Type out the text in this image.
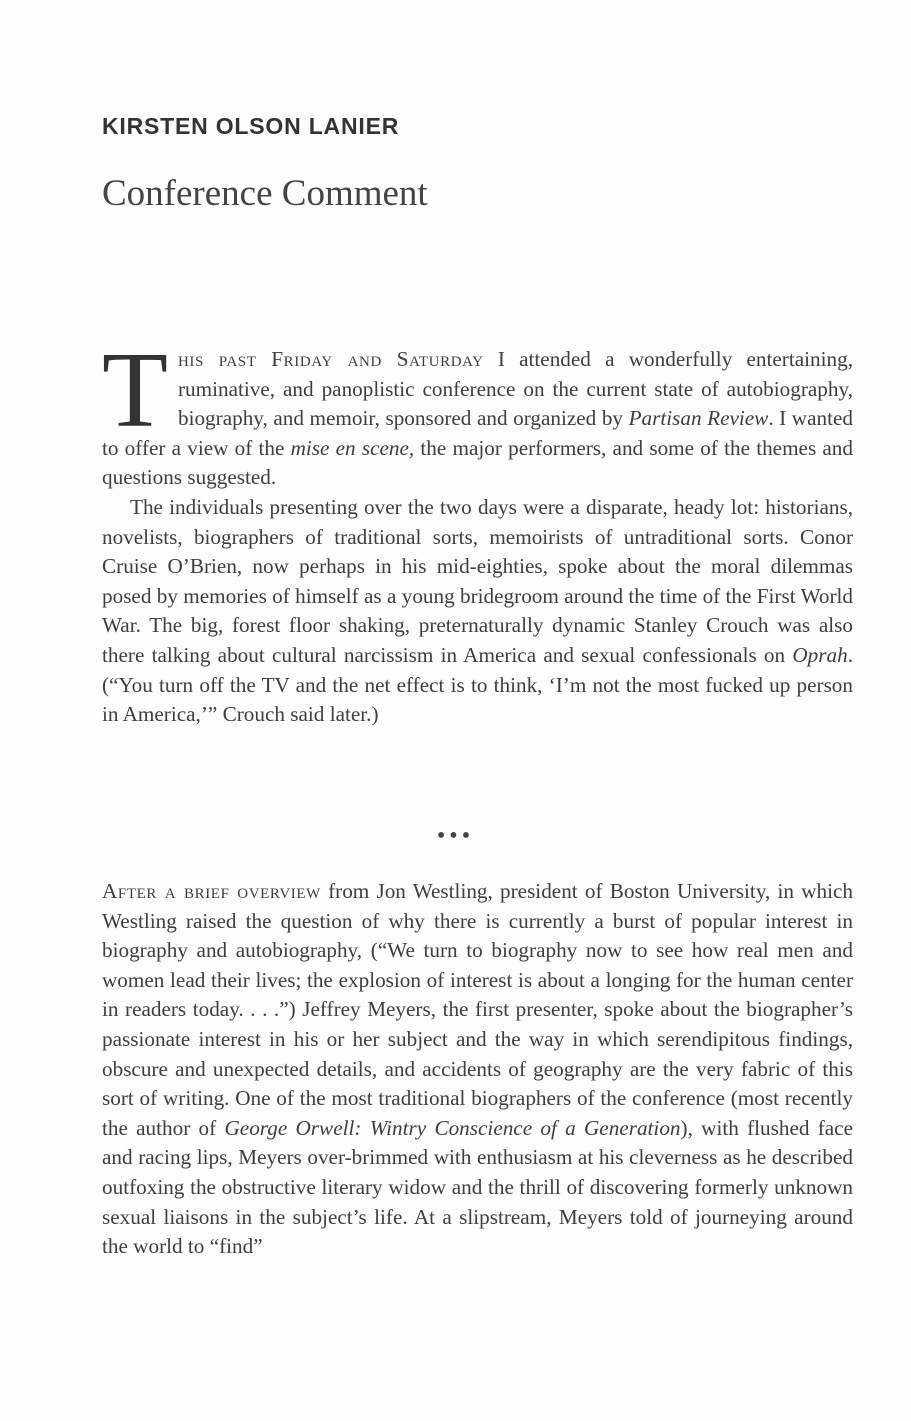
KIRSTEN OLSON LANIER
Conference Comment

This past Friday and Saturday I attended a wonderfully entertaining, ruminative, and panoplistic conference on the current state of autobiography, biography, and memoir, sponsored and organized by Partisan Review. I wanted to offer a view of the mise en scene, the major performers, and some of the themes and questions suggested.

The individuals presenting over the two days were a disparate, heady lot: historians, novelists, biographers of traditional sorts, memoirists of untraditional sorts. Conor Cruise O’Brien, now perhaps in his mid-eighties, spoke about the moral dilemmas posed by memories of himself as a young bridegroom around the time of the First World War. The big, forest floor shaking, preternaturally dynamic Stanley Crouch was also there talking about cultural narcissism in America and sexual confessionals on Oprah. (“You turn off the TV and the net effect is to think, ‘I’m not the most fucked up person in America,’” Crouch said later.)

•••

After a brief overview from Jon Westling, president of Boston University, in which Westling raised the question of why there is currently a burst of popular interest in biography and autobiography, (“We turn to biography now to see how real men and women lead their lives; the explosion of interest is about a longing for the human center in readers today. . . .”) Jeffrey Meyers, the first presenter, spoke about the biographer’s passionate interest in his or her subject and the way in which serendipitous findings, obscure and unexpected details, and accidents of geography are the very fabric of this sort of writing. One of the most traditional biographers of the conference (most recently the author of George Orwell: Wintry Conscience of a Generation), with flushed face and racing lips, Meyers over-brimmed with enthusiasm at his cleverness as he described outfoxing the obstructive literary widow and the thrill of discovering formerly unknown sexual liaisons in the subject’s life. At a slipstream, Meyers told of journeying around the world to “find”
